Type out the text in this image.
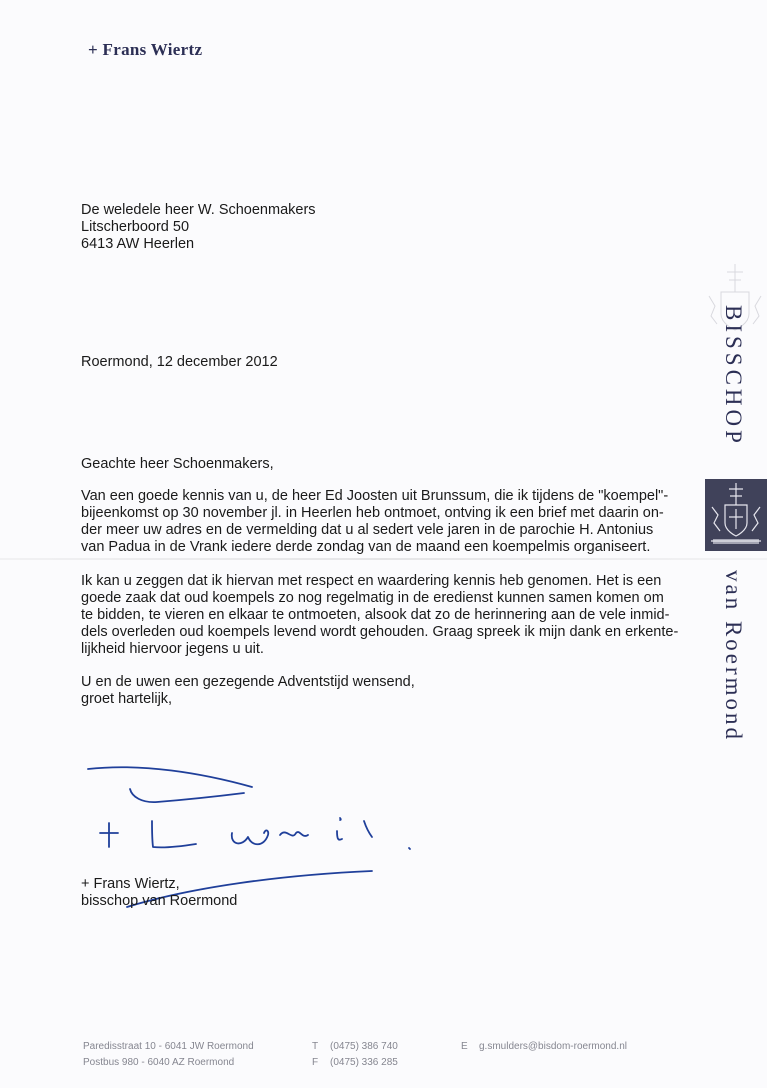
+ Frans Wiertz
De weledele heer W. Schoenmakers
Litscherboord 50
6413 AW Heerlen
Roermond, 12 december 2012
Geachte heer Schoenmakers,
Van een goede kennis van u, de heer Ed Joosten uit Brunssum, die ik tijdens de "koempel"-
bijeenkomst op 30 november jl. in Heerlen heb ontmoet, ontving ik een brief met daarin on-
der meer uw adres en de vermelding dat u al sedert vele jaren in de parochie H. Antonius
van Padua in de Vrank iedere derde zondag van de maand een koempelmis organiseert.
Ik kan u zeggen dat ik hiervan met respect en waardering kennis heb genomen. Het is een
goede zaak dat oud koempels zo nog regelmatig in de eredienst kunnen samen komen om
te bidden, te vieren en elkaar te ontmoeten, alsook dat zo de herinnering aan de vele inmid-
dels overleden oud koempels levend wordt gehouden. Graag spreek ik mijn dank en erkente-
lijkheid hiervoor jegens u uit.
U en de uwen een gezegende Adventstijd wensend,
groet hartelijk,
+ Frans Wiertz,
bisschop van Roermond
BISSCHOP
van Roermond
Paredisstraat 10 - 6041 JW Roermond
Postbus 980 - 6040 AZ Roermond
T (0475) 386 740
F (0475) 336 285
E g.smulders@bisdom-roermond.nl
